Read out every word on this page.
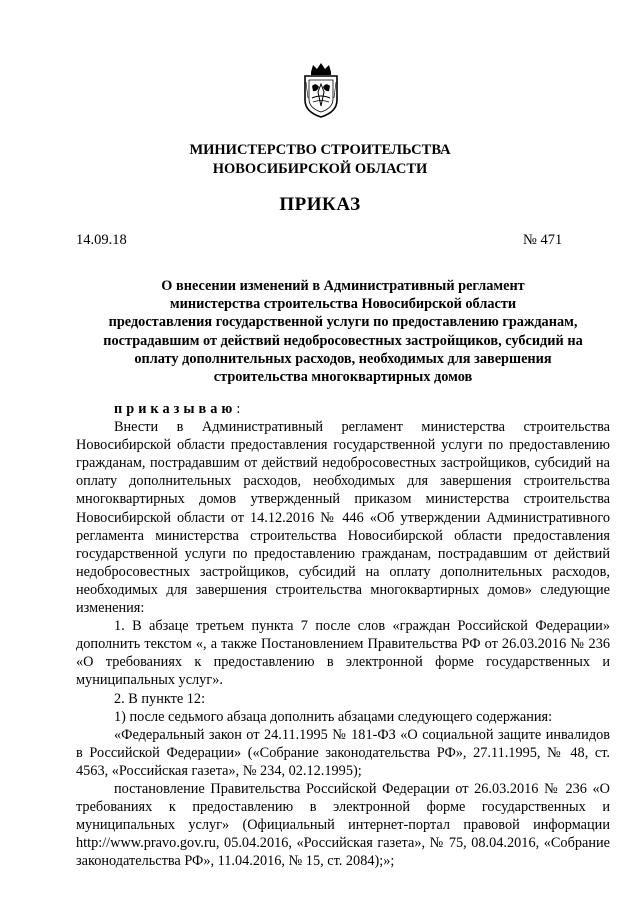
МИНИСТЕРСТВО СТРОИТЕЛЬСТВА
НОВОСИБИРСКОЙ ОБЛАСТИ
ПРИКАЗ
14.09.18	№ 471
О внесении изменений в Административный регламент
министерства строительства Новосибирской области
предоставления государственной услуги по предоставлению гражданам,
пострадавшим от действий недобросовестных застройщиков, субсидий на
оплату дополнительных расходов, необходимых для завершения
строительства многоквартирных домов

приказываю:

Внести в Административный регламент министерства строительства Новосибирской области предоставления государственной услуги по предоставлению гражданам, пострадавшим от действий недобросовестных застройщиков, субсидий на оплату дополнительных расходов, необходимых для завершения строительства многоквартирных домов утвержденный приказом министерства строительства Новосибирской области от 14.12.2016 № 446 «Об утверждении Административного регламента министерства строительства Новосибирской области предоставления государственной услуги по предоставлению гражданам, пострадавшим от действий недобросовестных застройщиков, субсидий на оплату дополнительных расходов, необходимых для завершения строительства многоквартирных домов» следующие изменения:

1. В абзаце третьем пункта 7 после слов «граждан Российской Федерации» дополнить текстом «, а также Постановлением Правительства РФ от 26.03.2016 № 236 «О требованиях к предоставлению в электронной форме государственных и муниципальных услуг».

2. В пункте 12:

1) после седьмого абзаца дополнить абзацами следующего содержания:

«Федеральный закон от 24.11.1995 № 181-ФЗ «О социальной защите инвалидов в Российской Федерации» («Собрание законодательства РФ», 27.11.1995, № 48, ст. 4563, «Российская газета», № 234, 02.12.1995);

постановление Правительства Российской Федерации от 26.03.2016 № 236 «О требованиях к предоставлению в электронной форме государственных и муниципальных услуг» (Официальный интернет-портал правовой информации http://www.pravo.gov.ru, 05.04.2016, «Российская газета», № 75, 08.04.2016, «Собрание законодательства РФ», 11.04.2016, № 15, ст. 2084);»;
